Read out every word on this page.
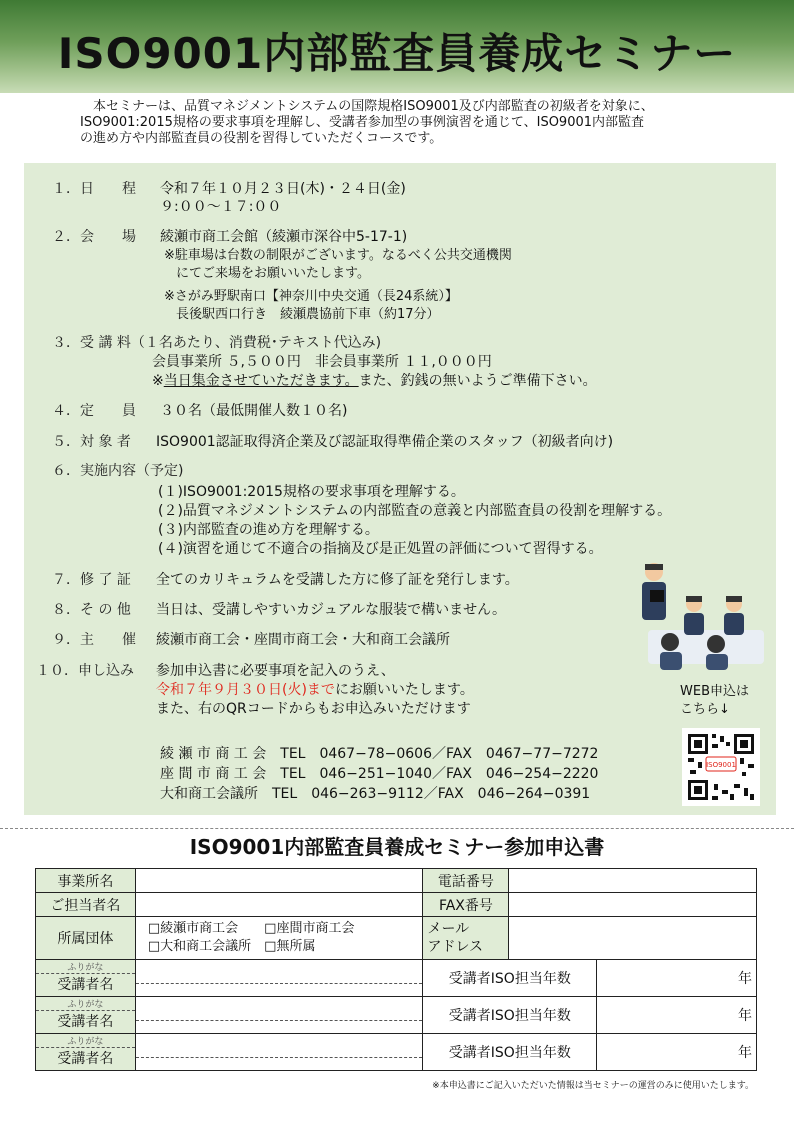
ISO9001内部監査員養成セミナー
本セミナーは、品質マネジメントシステムの国際規格ISO9001及び内部監査の初級者を対象に、
ISO9001:2015規格の要求事項を理解し、受講者参加型の事例演習を通じて、ISO9001内部監査
の進め方や内部監査員の役割を習得していただくコースです。
１．日　　程 令和７年１０月２３日(木)・２４日(金)
９:００～１７:００
２．会　　場 綾瀬市商工会館（綾瀬市深谷中5-17-1)
※駐車場は台数の制限がございます。なるべく公共交通機関
にてご来場をお願いいたします。
※さがみ野駅南口【神奈川中央交通（長24系統）】
長後駅西口行き　綾瀬農協前下車（約17分）
３．受 講 料（１名あたり、消費税･テキスト代込み)
会員事業所 ５,５００円　非会員事業所 １１,０００円
※当日集金させていただきます。また、釣銭の無いようご準備下さい。
４．定　　員 ３０名（最低開催人数１０名)
５．対 象 者 ISO9001認証取得済企業及び認証取得準備企業のスタッフ（初級者向け)
６．実施内容（予定)
(１)ISO9001:2015規格の要求事項を理解する。
(２)品質マネジメントシステムの内部監査の意義と内部監査員の役割を理解する。
(３)内部監査の進め方を理解する。
(４)演習を通じて不適合の指摘及び是正処置の評価について習得する。
７．修 了 証 全てのカリキュラムを受講した方に修了証を発行します。
８．そ の 他 当日は、受講しやすいカジュアルな服装で構いません。
９．主　　催 綾瀬市商工会・座間市商工会・大和商工会議所
１０．申し込み 参加申込書に必要事項を記入のうえ、
令和７年９月３０日(火)までにお願いいたします。
また、右のQRコードからもお申込みいただけます
WEB申込は
こちら↓
ISO9001
綾 瀬 市 商 工 会　 TEL　0467−78−0606／FAX　0467−77−7272
座 間 市 商 工 会　 TEL　046−251−1040／FAX　046−254−2220
大和商工会議所　 TEL　046−263−9112／FAX　046−264−0391
ISO9001内部監査員養成セミナー参加申込書
事業所名		電話番号		
ご担当者名		FAX番号		
所属団体	□綾瀬市商工会　　 □座間市商工会
□大和商工会議所　 □無所属	メール
アドレス		

ふりがな
受講者名		受講者ISO担当年数		年

ふりがな
受講者名		受講者ISO担当年数		年

ふりがな
受講者名		受講者ISO担当年数		年
※本申込書にご記入いただいた情報は当セミナーの運営のみに使用いたします。
